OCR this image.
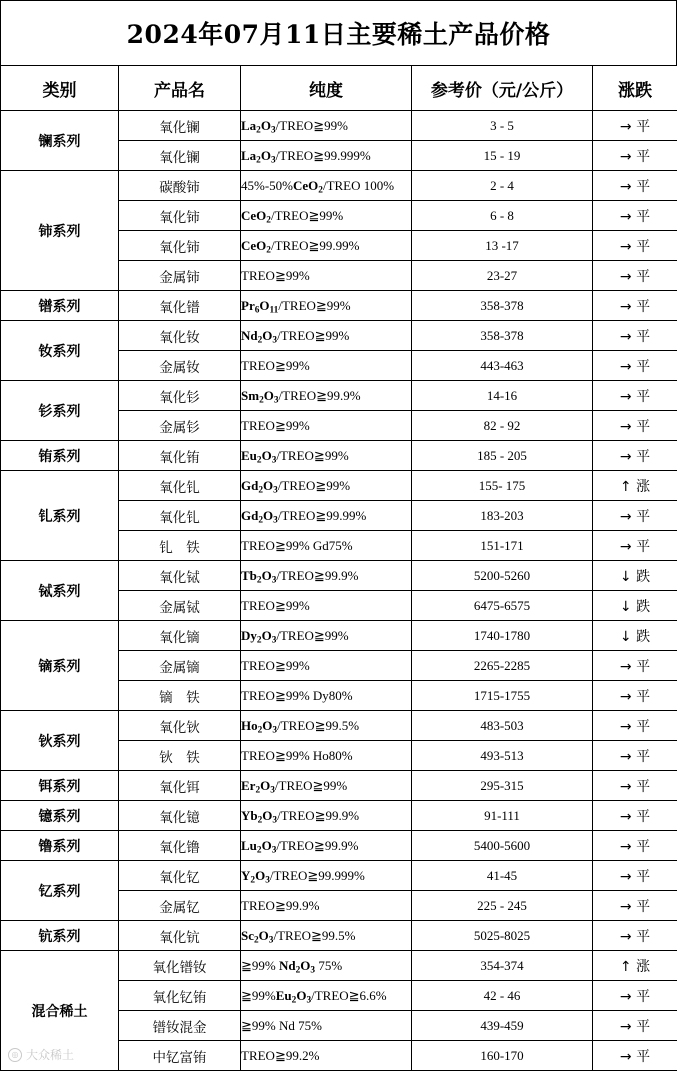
2024年07月11日主要稀土产品价格
类别	产品名	纯度	参考价（元/公斤）	涨跌
镧系列	氧化镧	$La_2O_3/TREO≧99\%$	3 - 5	→ 平
	氧化镧	$La_2O_3/TREO≧99.999\%$	15 - 19	→ 平
铈系列	碳酸铈	45%-50%CeO$_2$/TREO 100%	2 - 4	→ 平
	氧化铈	CeO$_2$/TREO≧99%	6 - 8	→ 平
	氧化铈	CeO$_2$/TREO≧99.99%	13 -17	→ 平
	金属铈	TREO≧99%	23-27	→ 平
镨系列	氧化镨	$Pr_6O_{11}/TREO≧99\%$	358-378	→ 平
钕系列	氧化钕	$Nd_2O_3/TREO≧99\%$	358-378	→ 平
	金属钕	TREO≧99%	443-463	→ 平
钐系列	氧化钐	$Sm_2O_3/TREO≧99.9\%$	14-16	→ 平
	金属钐	TREO≧99%	82 - 92	→ 平
铕系列	氧化铕	$Eu_2O_3/TREO≧99\%$	185 - 205	→ 平
钆系列	氧化钆	$Gd_2O_3/TREO≧99\%$	155- 175	↑ 涨
	氧化钆	$Gd_2O_3/TREO≧99.99\%$	183-203	→ 平
	钆　铁	TREO≧99% Gd75%	151-171	→ 平
铽系列	氧化铽	$Tb_2O_3/TREO≧99.9\%$	5200-5260	↓ 跌
	金属铽	TREO≧99%	6475-6575	↓ 跌
镝系列	氧化镝	$Dy_2O_3/TREO≧99\%$	1740-1780	↓ 跌
	金属镝	TREO≧99%	2265-2285	→ 平
	镝　铁	TREO≧99% Dy80%	1715-1755	→ 平
钬系列	氧化钬	$Ho_2O_3/TREO≧99.5\%$	483-503	→ 平
	钬　铁	TREO≧99% Ho80%	493-513	→ 平
铒系列	氧化铒	$Er_2O_3/TREO≧99\%$	295-315	→ 平
镱系列	氧化镱	$Yb_2O_3/TREO≧99.9\%$	91-111	→ 平
镥系列	氧化镥	$Lu_2O_3/TREO≧99.9\%$	5400-5600	→ 平
钇系列	氧化钇	$Y_2O_3/TREO≧99.999\%$	41-45	→ 平
	金属钇	TREO≧99.9%	225 - 245	→ 平
钪系列	氧化钪	$Sc_2O_3/TREO≧99.5\%$	5025-8025	→ 平
混合稀土	氧化镨钕	≧99% $Nd_2O_3$ 75%	354-374	↑ 涨
	氧化钇铕	$≧99\%Eu_2O_3/TREO≧6.6\%$	42 - 46	→ 平
	镨钕混金	≧99% Nd 75%	439-459	→ 平
	中钇富铕	TREO≧99.2%	160-170	→ 平
◎ 大众稀土
